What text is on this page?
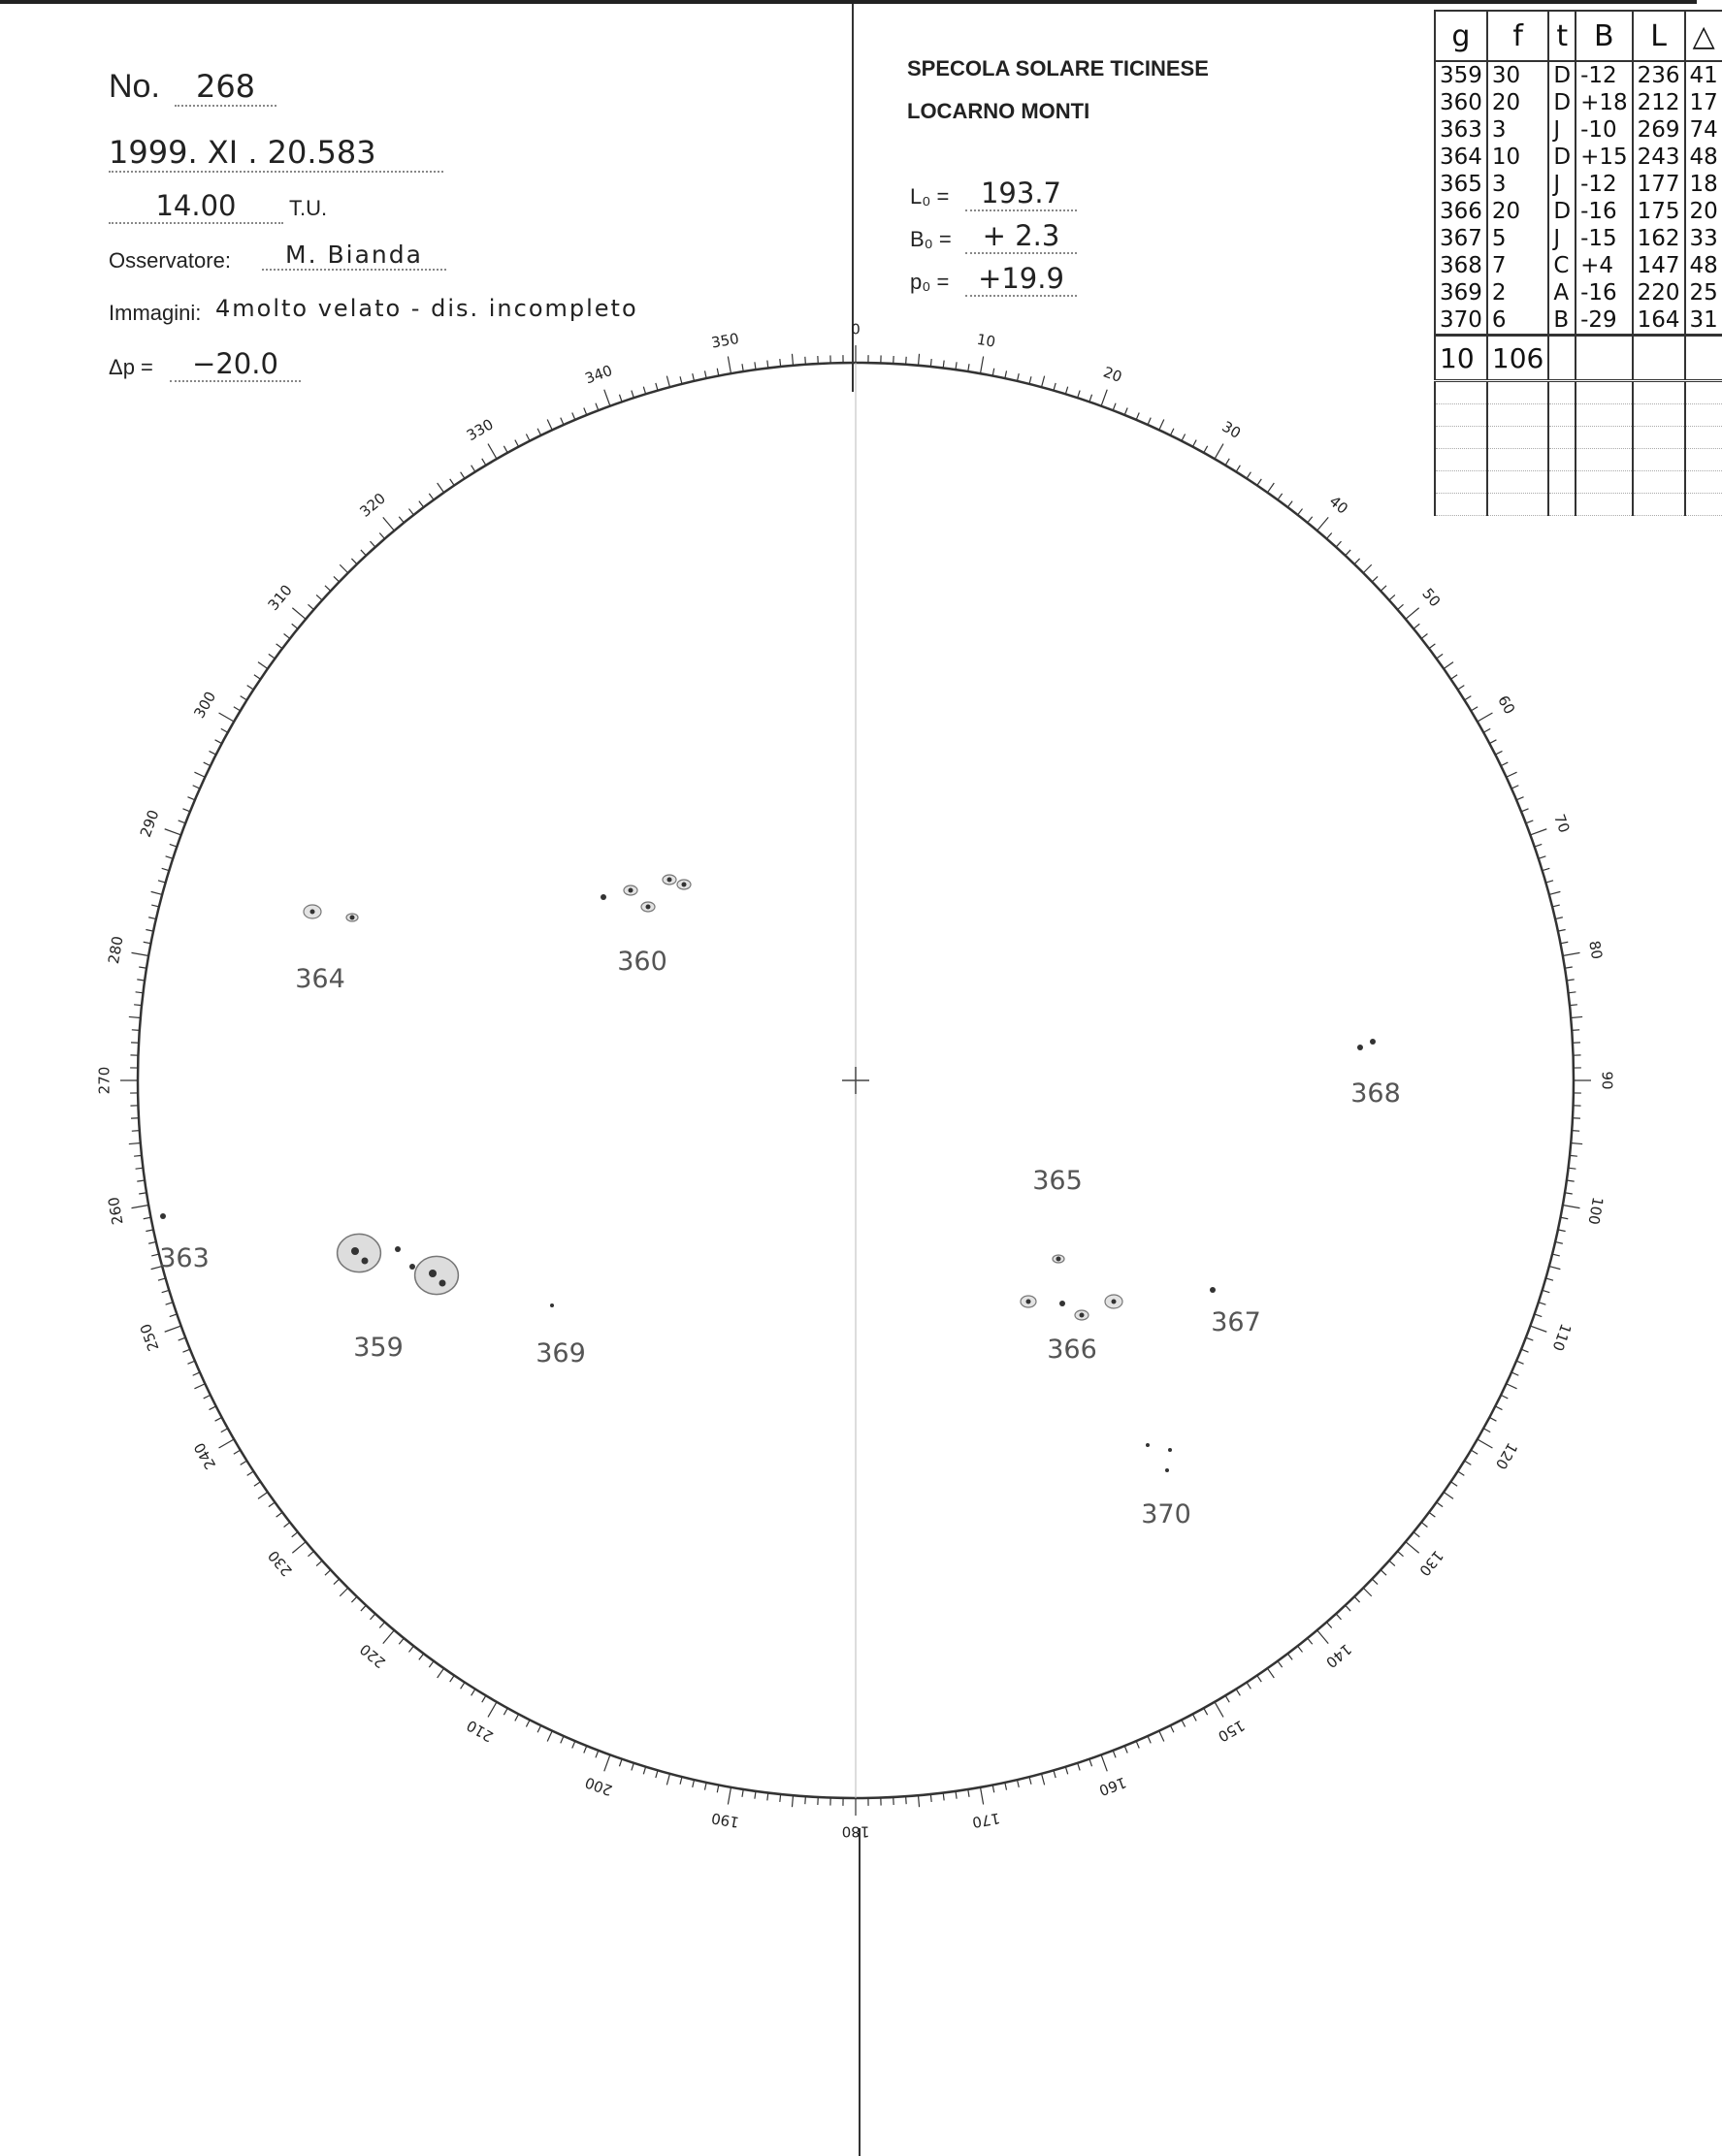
No.	268
1999. XI . 20.583
14.00	T.U.
Osservatore:	M. Bianda
Immagini: 4molto velato - dis. incompleto
Δp =	−20.0
SPECOLA SOLARE TICINESE
LOCARNO MONTI
L₀ =	193.7
B₀ =	+ 2.3
p₀ =	+19.9
g	f	t	B	L	△
359	30	D	-12	236	41
360	20	D	+18	212	17
363	3	J	-10	269	74
364	10	D	+15	243	48
365	3	J	-12	177	18
366	20	D	-16	175	20
367	5	J	-15	162	33
368	7	C	+4	147	48
369	2	A	-16	220	25
370	6	B	-29	164	31
10	106				

0
10
20
30
40
50
60
70
80
90
100
110
120
130
140
150
160
170
180
190
200
210
220
230
240
250
260
270
280
290
300
310
320
330
340
350
364
360
368
365
363
359	369	366
367
370
